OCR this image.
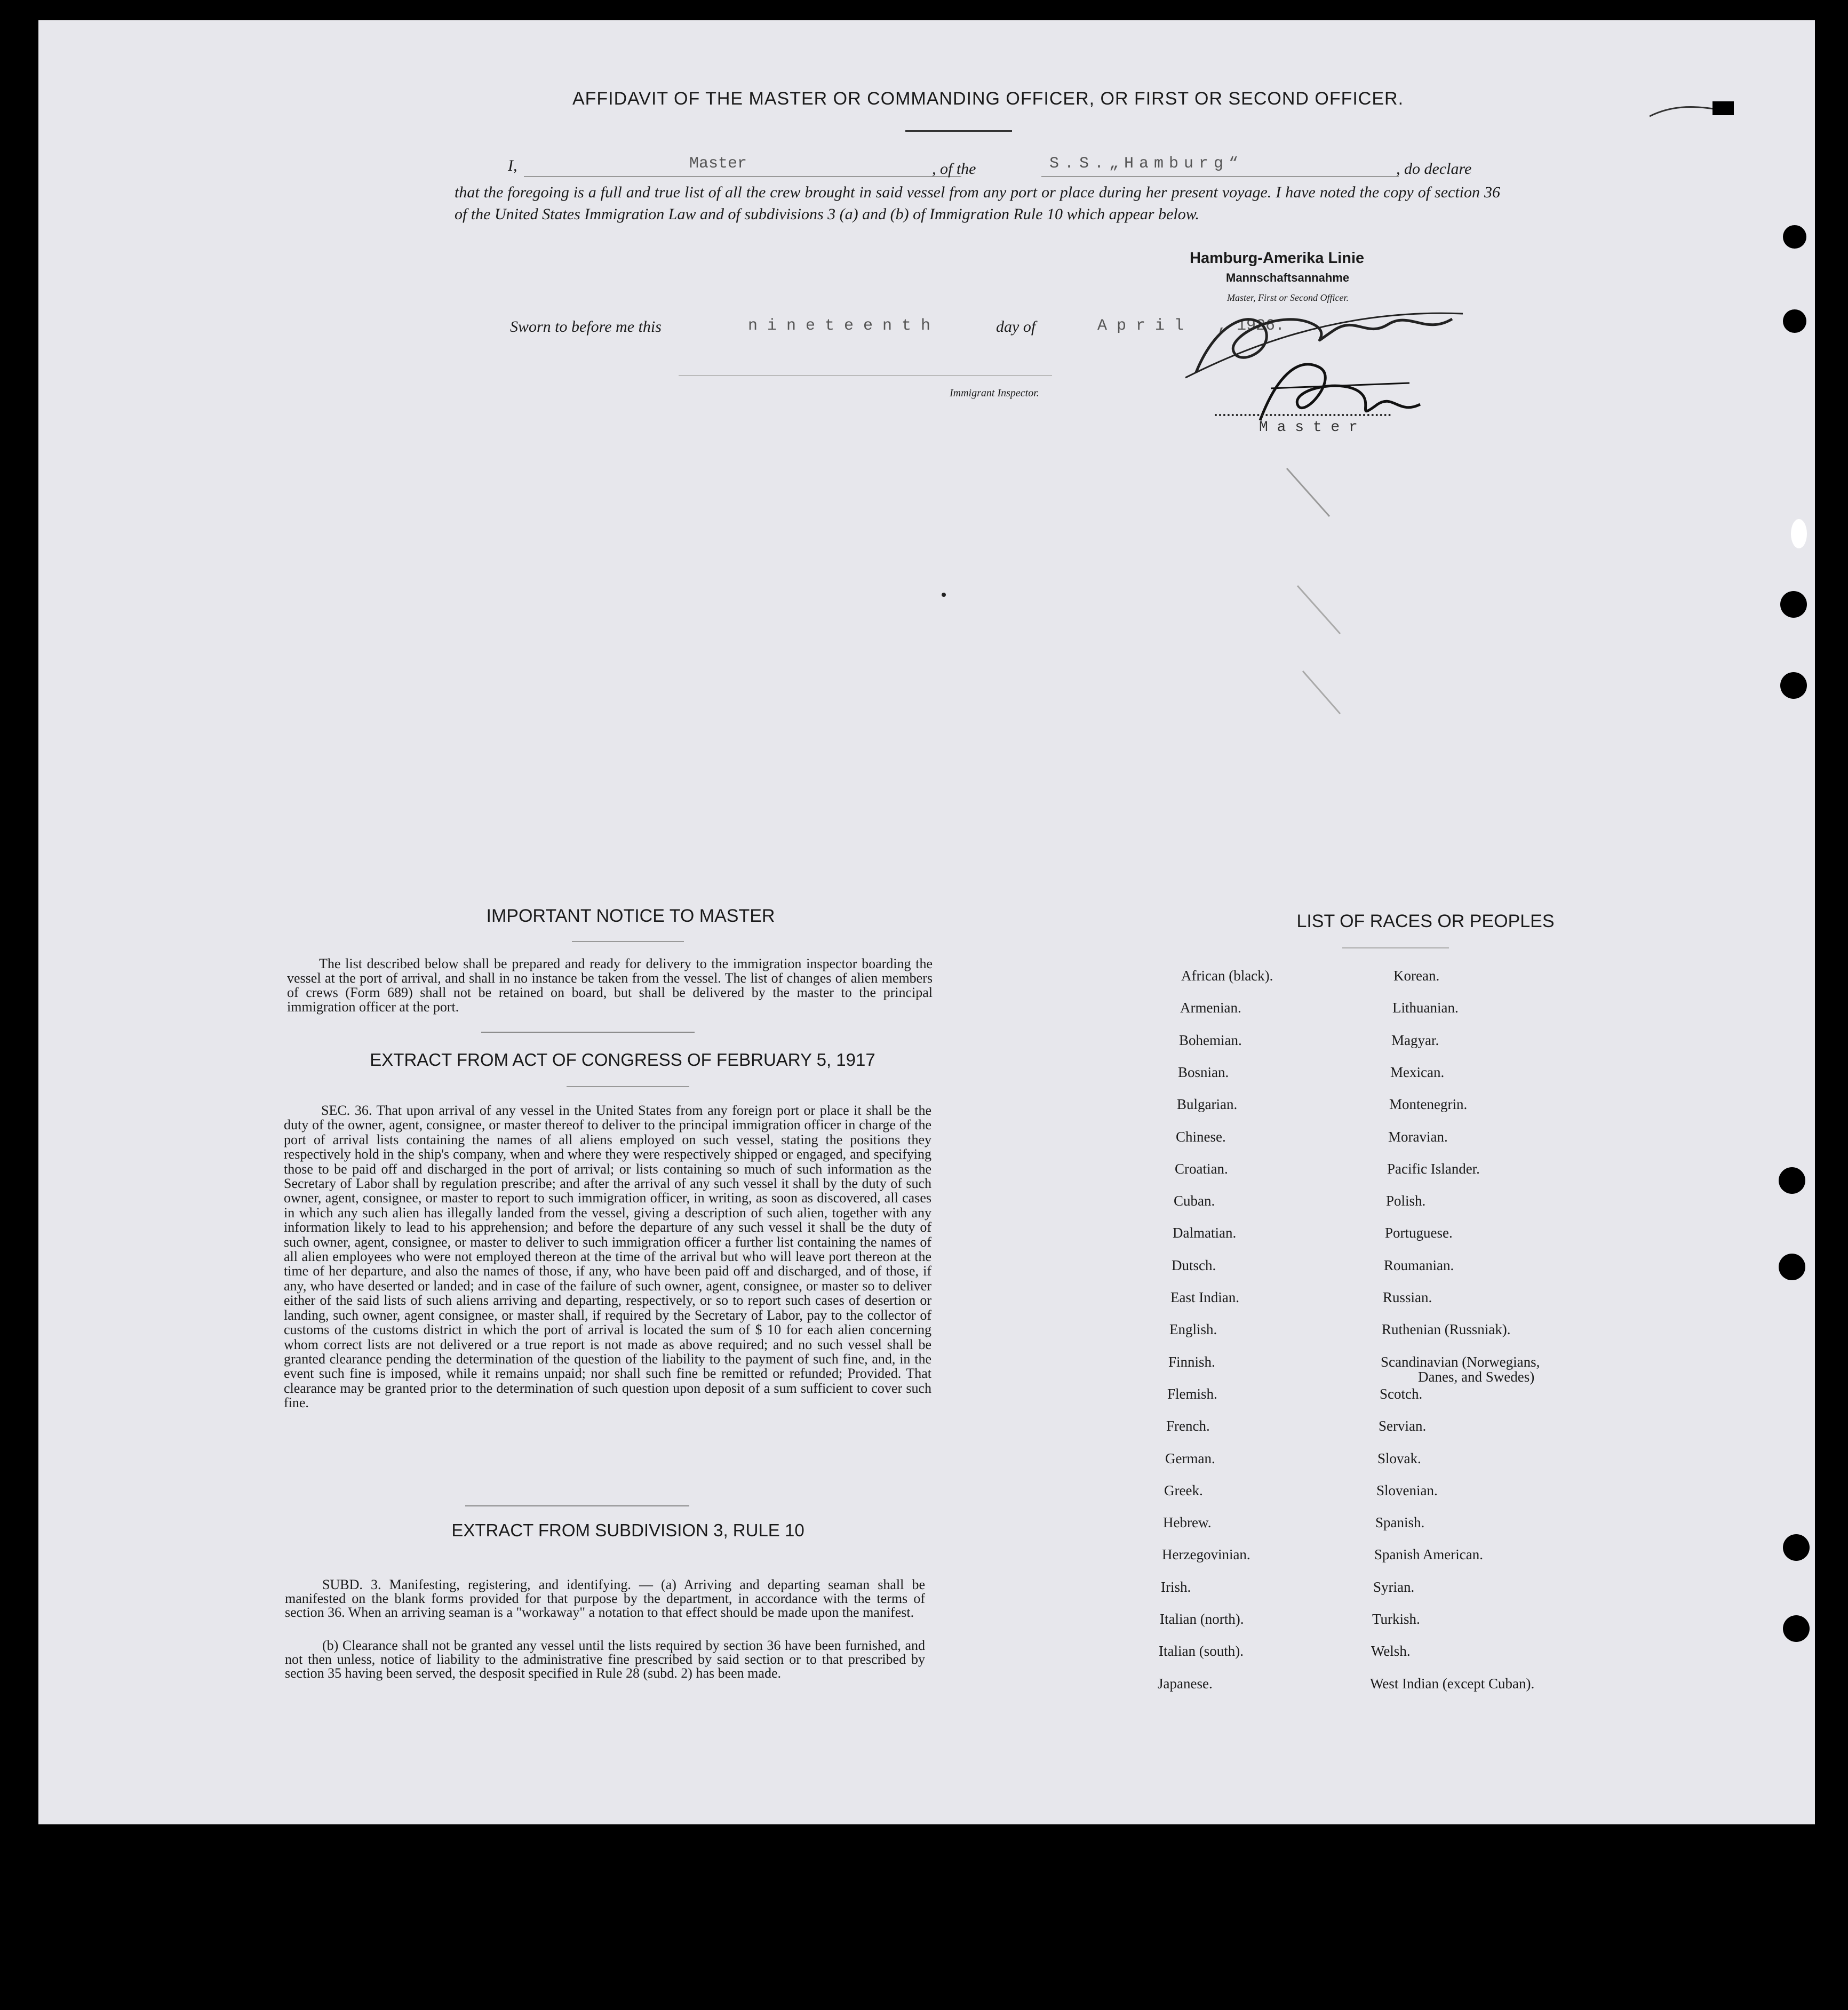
AFFIDAVIT OF THE MASTER OR COMMANDING OFFICER, OR FIRST OR SECOND OFFICER.
I,	Master	, of the	S.S.„Hamburg“	, do declare
that the foregoing is a full and true list of all the crew brought in said vessel from any port or place during her present voyage. I have noted the copy of section 36 of the United States Immigration Law and of subdivisions 3 (a) and (b) of Immigration Rule 10 which appear below.
Hamburg-Amerika Linie
Mannschaftsannahme
Master, First or Second Officer.
Sworn to before me this	n i n e t e e n t h	day of	A p r i l , 1926.
Immigrant Inspector.
M a s t e r
IMPORTANT NOTICE TO MASTER
The list described below shall be prepared and ready for delivery to the immigration inspector boarding the vessel at the port of arrival, and shall in no instance be taken from the vessel. The list of changes of alien members of crews (Form 689) shall not be retained on board, but shall be delivered by the master to the principal immigration officer at the port.
EXTRACT FROM ACT OF CONGRESS OF FEBRUARY 5, 1917
SEC. 36. That upon arrival of any vessel in the United States from any foreign port or place it shall be the duty of the owner, agent, consignee, or master thereof to deliver to the principal immigration officer in charge of the port of arrival lists containing the names of all aliens employed on such vessel, stating the positions they respectively hold in the ship's company, when and where they were respectively shipped or engaged, and specifying those to be paid off and discharged in the port of arrival; or lists containing so much of such information as the Secretary of Labor shall by regulation prescribe; and after the arrival of any such vessel it shall by the duty of such owner, agent, consignee, or master to report to such immigration officer, in writing, as soon as discovered, all cases in which any such alien has illegally landed from the vessel, giving a description of such alien, together with any information likely to lead to his apprehension; and before the departure of any such vessel it shall be the duty of such owner, agent, consignee, or master to deliver to such immigration officer a further list containing the names of all alien employees who were not employed thereon at the time of the arrival but who will leave port thereon at the time of her departure, and also the names of those, if any, who have been paid off and discharged, and of those, if any, who have deserted or landed; and in case of the failure of such owner, agent, consignee, or master so to deliver either of the said lists of such aliens arriving and departing, respectively, or so to report such cases of desertion or landing, such owner, agent consignee, or master shall, if required by the Secretary of Labor, pay to the collector of customs of the customs district in which the port of arrival is located the sum of $ 10 for each alien concerning whom correct lists are not delivered or a true report is not made as above required; and no such vessel shall be granted clearance pending the determination of the question of the liability to the payment of such fine, and, in the event such fine is imposed, while it remains unpaid; nor shall such fine be remitted or refunded; Provided. That clearance may be granted prior to the determination of such question upon deposit of a sum sufficient to cover such fine.
EXTRACT FROM SUBDIVISION 3, RULE 10
SUBD. 3. Manifesting, registering, and identifying. — (a) Arriving and departing seaman shall be manifested on the blank forms provided for that purpose by the department, in accordance with the terms of section 36. When an arriving seaman is a "workaway" a notation to that effect should be made upon the manifest.
(b) Clearance shall not be granted any vessel until the lists required by section 36 have been furnished, and not then unless, notice of liability to the administrative fine prescribed by said section or to that prescribed by section 35 having been served, the desposit specified in Rule 28 (subd. 2) has been made.
LIST OF RACES OR PEOPLES
African (black).
Armenian.
Bohemian.
Bosnian.
Bulgarian.
Chinese.
Croatian.
Cuban.
Dalmatian.
Dutsch.
East Indian.
English.
Finnish.
Flemish.
French.
German.
Greek.
Hebrew.
Herzegovinian.
Irish.
Italian (north).
Italian (south).
Japanese.
Korean.
Lithuanian.
Magyar.
Mexican.
Montenegrin.
Moravian.
Pacific Islander.
Polish.
Portuguese.
Roumanian.
Russian.
Ruthenian (Russniak).
Scandinavian (Norwegians,
Danes, and Swedes)
Scotch.
Servian.
Slovak.
Slovenian.
Spanish.
Spanish American.
Syrian.
Turkish.
Welsh.
West Indian (except Cuban).
